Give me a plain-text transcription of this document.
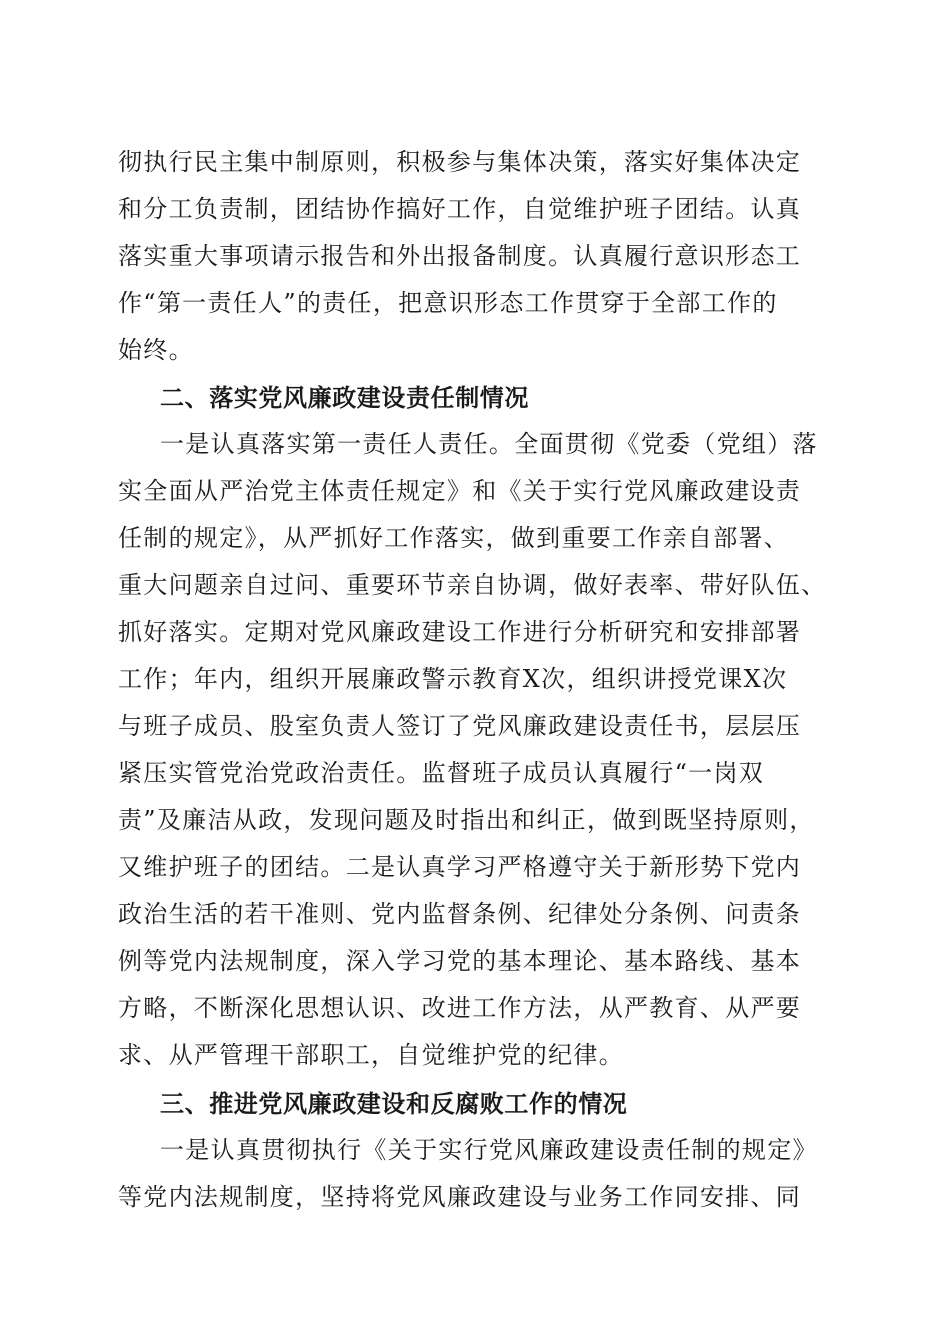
彻执行民主集中制原则，积极参与集体决策，落实好集体决定
和分工负责制，团结协作搞好工作，自觉维护班子团结。认真
落实重大事项请示报告和外出报备制度。认真履行意识形态工
作“第一责任人”的责任，把意识形态工作贯穿于全部工作的
始终。
二、落实党风廉政建设责任制情况
一是认真落实第一责任人责任。全面贯彻《党委（党组）落
实全面从严治党主体责任规定》和《关于实行党风廉政建设责
任制的规定》，从严抓好工作落实，做到重要工作亲自部署、
重大问题亲自过问、重要环节亲自协调，做好表率、带好队伍、
抓好落实。定期对党风廉政建设工作进行分析研究和安排部署
工作；年内，组织开展廉政警示教育X次，组织讲授党课X次
与班子成员、股室负责人签订了党风廉政建设责任书，层层压
紧压实管党治党政治责任。监督班子成员认真履行“一岗双
责”及廉洁从政，发现问题及时指出和纠正，做到既坚持原则，
又维护班子的团结。二是认真学习严格遵守关于新形势下党内
政治生活的若干准则、党内监督条例、纪律处分条例、问责条
例等党内法规制度，深入学习党的基本理论、基本路线、基本
方略，不断深化思想认识、改进工作方法，从严教育、从严要
求、从严管理干部职工，自觉维护党的纪律。
三、推进党风廉政建设和反腐败工作的情况
一是认真贯彻执行《关于实行党风廉政建设责任制的规定》
等党内法规制度，坚持将党风廉政建设与业务工作同安排、同
